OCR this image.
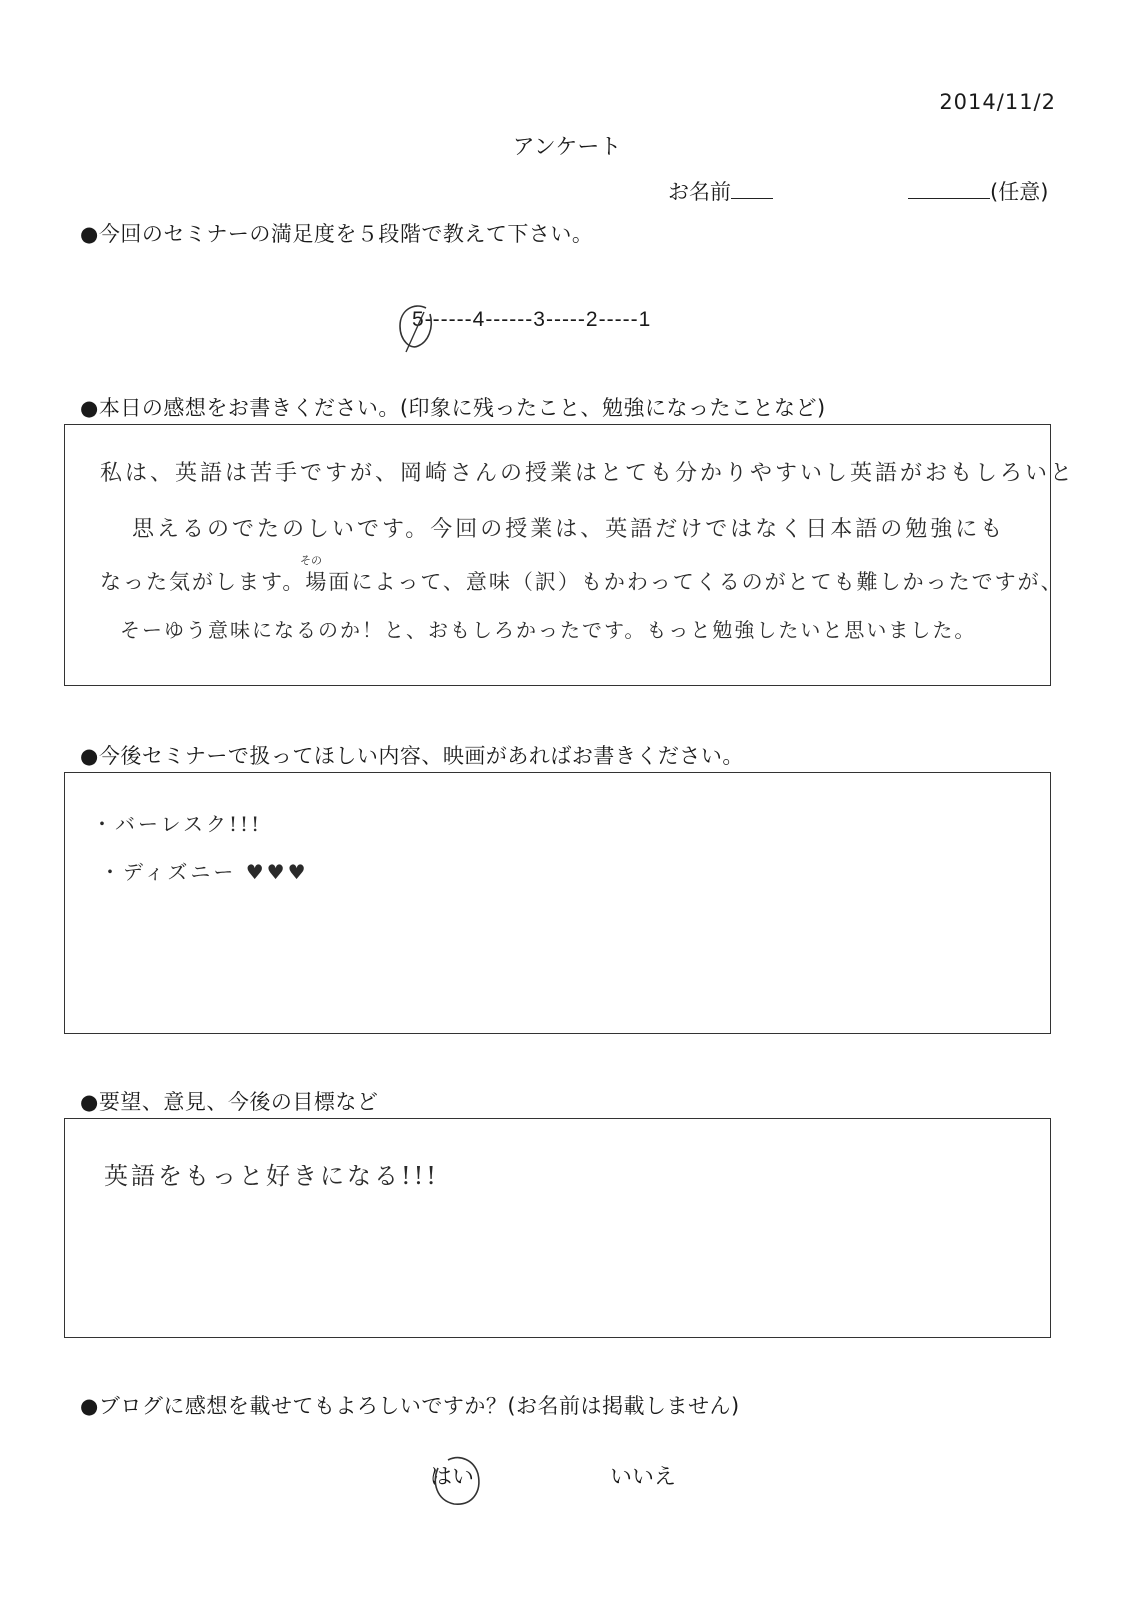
2014/11/2
アンケート
お名前	(任意)
●今回のセミナーの満足度を５段階で教えて下さい。
5------4------3-----2-----1
●本日の感想をお書きください。(印象に残ったこと、勉強になったことなど)
私は、英語は苦手ですが、岡崎さんの授業はとても分かりやすいし英語がおもしろいと
思えるのでたのしいです。今回の授業は、英語だけではなく日本語の勉強にも
その
なった気がします。場面によって、意味（訳）もかわってくるのがとても難しかったですが、
そーゆう意味になるのか！と、おもしろかったです。もっと勉強したいと思いました。
●今後セミナーで扱ってほしい内容、映画があればお書きください。
・バーレスク!!!
・ディズニー ♥♥♥
●要望、意見、今後の目標など
英語をもっと好きになる!!!
●ブログに感想を載せてもよろしいですか？(お名前は掲載しません)
はい	いいえ
